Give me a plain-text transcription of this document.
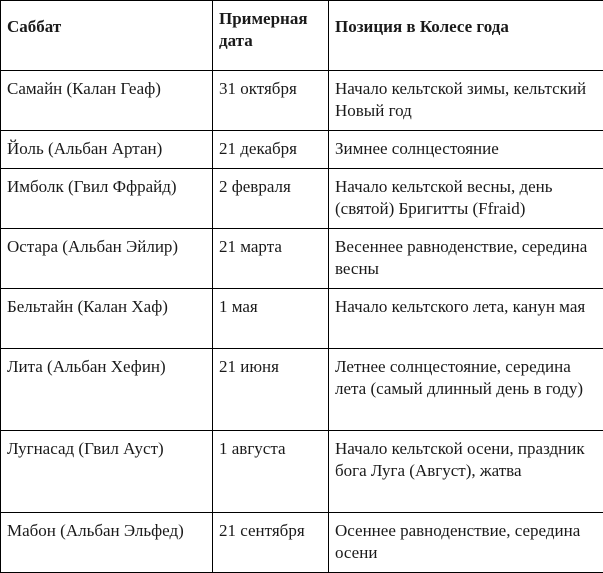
Саббат	Примерная дата	Позиция в Колесе года
Самайн (Калан Геаф)	31 октября	Начало кельтской зимы, кельтский Новый год
Йоль (Альбан Артан)	21 декабря	Зимнее солнцестояние
Имболк (Гвил Ффрайд)	2 февраля	Начало кельтской весны, день (святой) Бригитты (Ffraid)
Остара (Альбан Эйлир)	21 марта	Весеннее равноденствие, середина весны
Бельтайн (Калан Хаф)	1 мая	Начало кельтского лета, канун мая
Лита (Альбан Хефин)	21 июня	Летнее солнцестояние, середина лета (самый длинный день в году)
Лугнасад (Гвил Ауст)	1 августа	Начало кельтской осени, праздник бога Луга (Август), жатва
Мабон (Альбан Эльфед)	21 сентября	Осеннее равноденствие, середина осени
